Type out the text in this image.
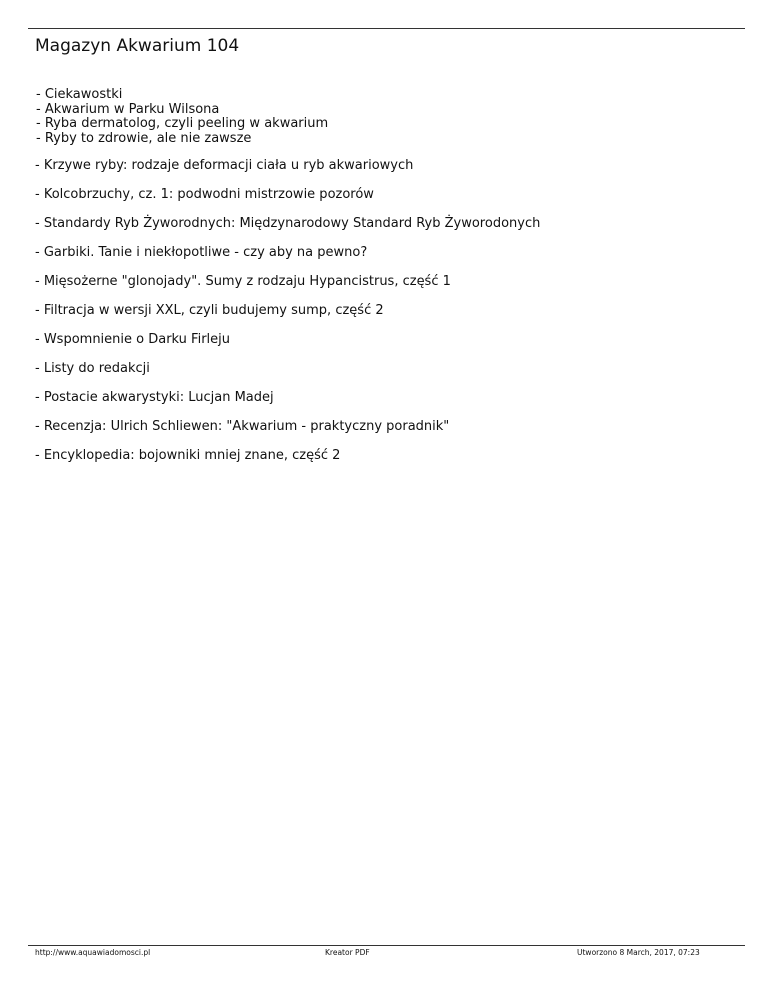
Magazyn Akwarium 104
- Ciekawostki
- Akwarium w Parku Wilsona
- Ryba dermatolog, czyli peeling w akwarium
- Ryby to zdrowie, ale nie zawsze
- Krzywe ryby: rodzaje deformacji ciała u ryb akwariowych
- Kolcobrzuchy, cz. 1: podwodni mistrzowie pozorów
- Standardy Ryb Żyworodnych: Międzynarodowy Standard Ryb Żyworodonych
- Garbiki. Tanie i niekłopotliwe - czy aby na pewno?
- Mięsożerne "glonojady". Sumy z rodzaju Hypancistrus, część 1
- Filtracja w wersji XXL, czyli budujemy sump, część 2
- Wspomnienie o Darku Firleju
- Listy do redakcji
- Postacie akwarystyki: Lucjan Madej
- Recenzja: Ulrich Schliewen: "Akwarium - praktyczny poradnik"
- Encyklopedia: bojowniki mniej znane, część 2
http://www.aquawiadomosci.pl	Kreator PDF	Utworzono 8 March, 2017, 07:23
